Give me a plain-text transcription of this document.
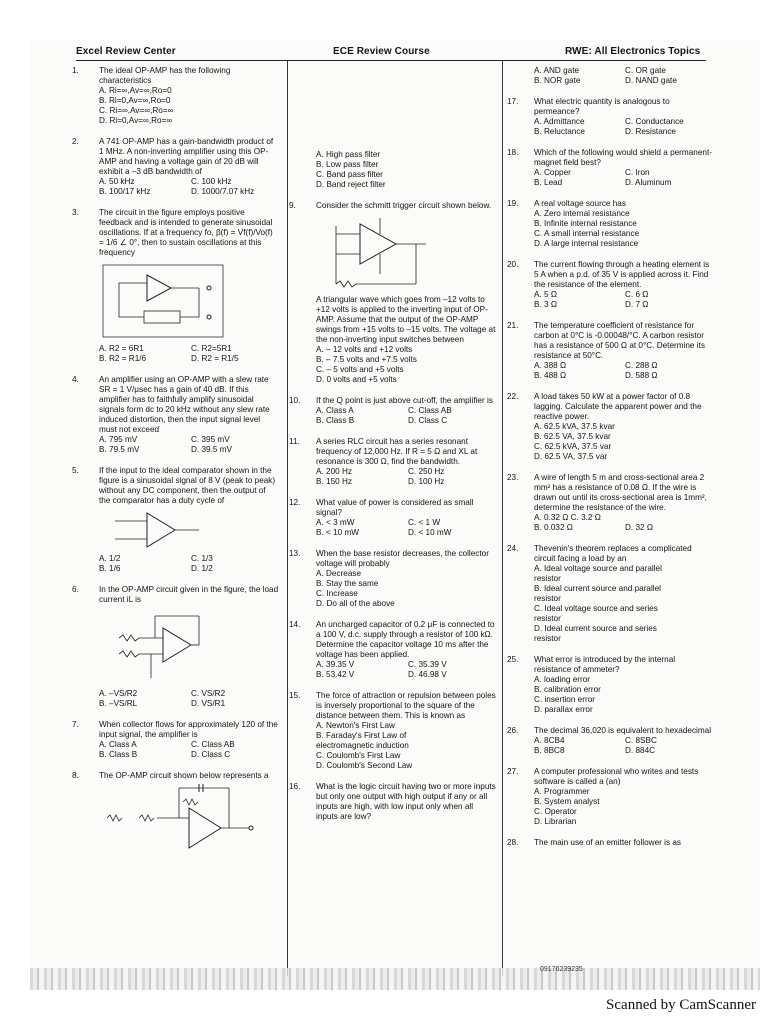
Excel Review Center	ECE Review Course	RWE: All Electronics Topics
1. The ideal OP-AMP has the following characteristics

A. Ri=∞,Av=∞,Ro=0
B. Ri=0,Av=∞,Ro=0
C. Ri=∞,Av=∞,Ro=∞
D. Ri=0,Av=∞,Ro=∞
2. A 741 OP-AMP has a gain-bandwidth product of 1 MHz. A non-inverting amplifier using this OP-AMP and having a voltage gain of 20 dB will exhibit a –3 dB bandwidth of

A. 50 kHz	C. 100 kHz
B. 100/17 kHz	D. 1000/7.07 kHz
3. The circuit in the figure employs positive feedback and is intended to generate sinusoidal oscillations. If at a frequency fo, β(f) = Vf(f)/Vo(f) = 1/6 ∠ 0°, then to sustain oscillations at this frequency

A. R2 = 6R1	C. R2=5R1
B. R2 = R1/6	D. R2 = R1/5
4. An amplifier using an OP-AMP with a slew rate SR = 1 V/μsec has a gain of 40 dB. If this amplifier has to faithfully amplify sinusoidal signals form dc to 20 kHz without any slew rate induced distortion, then the input signal level must not exceed

A. 795 mV	C. 395 mV
B. 79.5 mV	D. 39.5 mV
5. If the input to the ideal comparator shown in the figure is a sinusoidal signal of 8 V (peak to peak) without any DC component, then the output of the comparator has a duty cycle of

A. 1/2	C. 1/3
B. 1/6	D. 1/2
6. In the OP-AMP circuit given in the figure, the load current iL is

A. –VS/R2	C. VS/R2
B. –VS/RL	D. VS/R1
7. When collector flows for approximately 120 of the input signal, the amplifier is

A. Class A	C. Class AB
B. Class B	D. Class C
8. The OP-AMP circuit shown below represents a

A. High pass filter
B. Low pass filter
C. Band pass filter
D. Band reject filter
9. Consider the schmitt trigger circuit shown below.

A triangular wave which goes from –12 volts to +12 volts is applied to the inverting input of OP-AMP. Assume that the output of the OP-AMP swings from +15 volts to –15 volts. The voltage at the non-inverting input switches between

A. – 12 volts and +12 volts
B. – 7.5 volts and +7.5 volts
C. – 5 volts and +5 volts
D. 0 volts and +5 volts
10. If the Q point is just above cut-off, the amplifier is

A. Class A	C. Class AB
B. Class B	D. Class C
11. A series RLC circuit has a series resonant frequency of 12,000 Hz. If R = 5 Ω and XL at resonance is 300 Ω, find the bandwidth.

A. 200 Hz	C. 250 Hz
B. 150 Hz	D. 100 Hz
12. What value of power is considered as small signal?

A. < 3 mW	C. < 1 W
B. < 10 mW	D. < 10 mW
13. When the base resistor decreases, the collector voltage will probably

A. Decrease
B. Stay the same
C. Increase
D. Do all of the above
14. An uncharged capacitor of 0.2 μF is connected to a 100 V, d.c. supply through a resistor of 100 kΩ. Determine the capacitor voltage 10 ms after the voltage has been applied.

A. 39.35 V	C. 35.39 V
B. 53.42 V	D. 46.98 V
15. The force of attraction or repulsion between poles is inversely proportional to the square of the distance between them. This is known as

A. Newton's First Law
B. Faraday's First Law of
electromagnetic induction
C. Coulomb's First Law
D. Coulomb's Second Law
16. What is the logic circuit having two or more inputs but only one output with high output if any or all inputs are high, with low input only when all inputs are low?

A. AND gate	C. OR gate
B. NOR gate	D. NAND gate
17. What electric quantity is analogous to permeance?

A. Admittance	C. Conductance
B. Reluctance	D. Resistance
18. Which of the following would shield a permanent- magnet field best?

A. Copper	C. Iron
B. Lead	D. Aluminum
19. A real voltage source has

A. Zero internal resistance
B. Infinite internal resistance
C. A small internal resistance
D. A large internal resistance
20. The current flowing through a heating element is 5 A when a p.d. of 35 V is applied across it. Find the resistance of the element.

A. 5 Ω	C. 6 Ω
B. 3 Ω	D. 7 Ω
21. The temperature coefficient of resistance for carbon at 0°C is -0.00048/°C. A carbon resistor has a resistance of 500 Ω at 0°C. Determine its resistance at 50°C.

A. 388 Ω	C. 288 Ω
B. 488 Ω	D. 588 Ω
22. A load takes 50 kW at a power factor of 0.8 lagging. Calculate the apparent power and the reactive power.

A. 62.5 kVA, 37.5 kvar
B. 62.5 VA, 37.5 kvar
C. 62.5 kVA, 37.5 var
D. 62.5 VA, 37.5 var
23. A wire of length 5 m and cross-sectional area 2 mm² has a resistance of 0.08 Ω. If the wire is drawn out until its cross-sectional area is 1mm², determine the resistance of the wire.

A. 0.32 Ω C. 3.2 Ω
B. 0.032 Ω	D. 32 Ω
24. Thevenin's theorem replaces a complicated circuit facing a load by an

A. Ideal voltage source and parallel
resistor
B. Ideal current source and parallel
resistor
C. Ideal voltage source and series
resistor
D. Ideal current source and series
resistor
25. What error is introduced by the internal resistance of ammeter?

A. loading error
B. calibration error
C. insertion error
D. parallax error
26. The decimal 36,020 is equivalent to hexadecimal

A. 8CB4	C. 8SBC
B. 8BC8	D. 884C
27. A computer professional who writes and tests software is called a (an)

A. Programmer
B. System analyst
C. Operator
D. Librarian
28. The main use of an emitter follower is as

09176239235
Scanned by CamScanner
